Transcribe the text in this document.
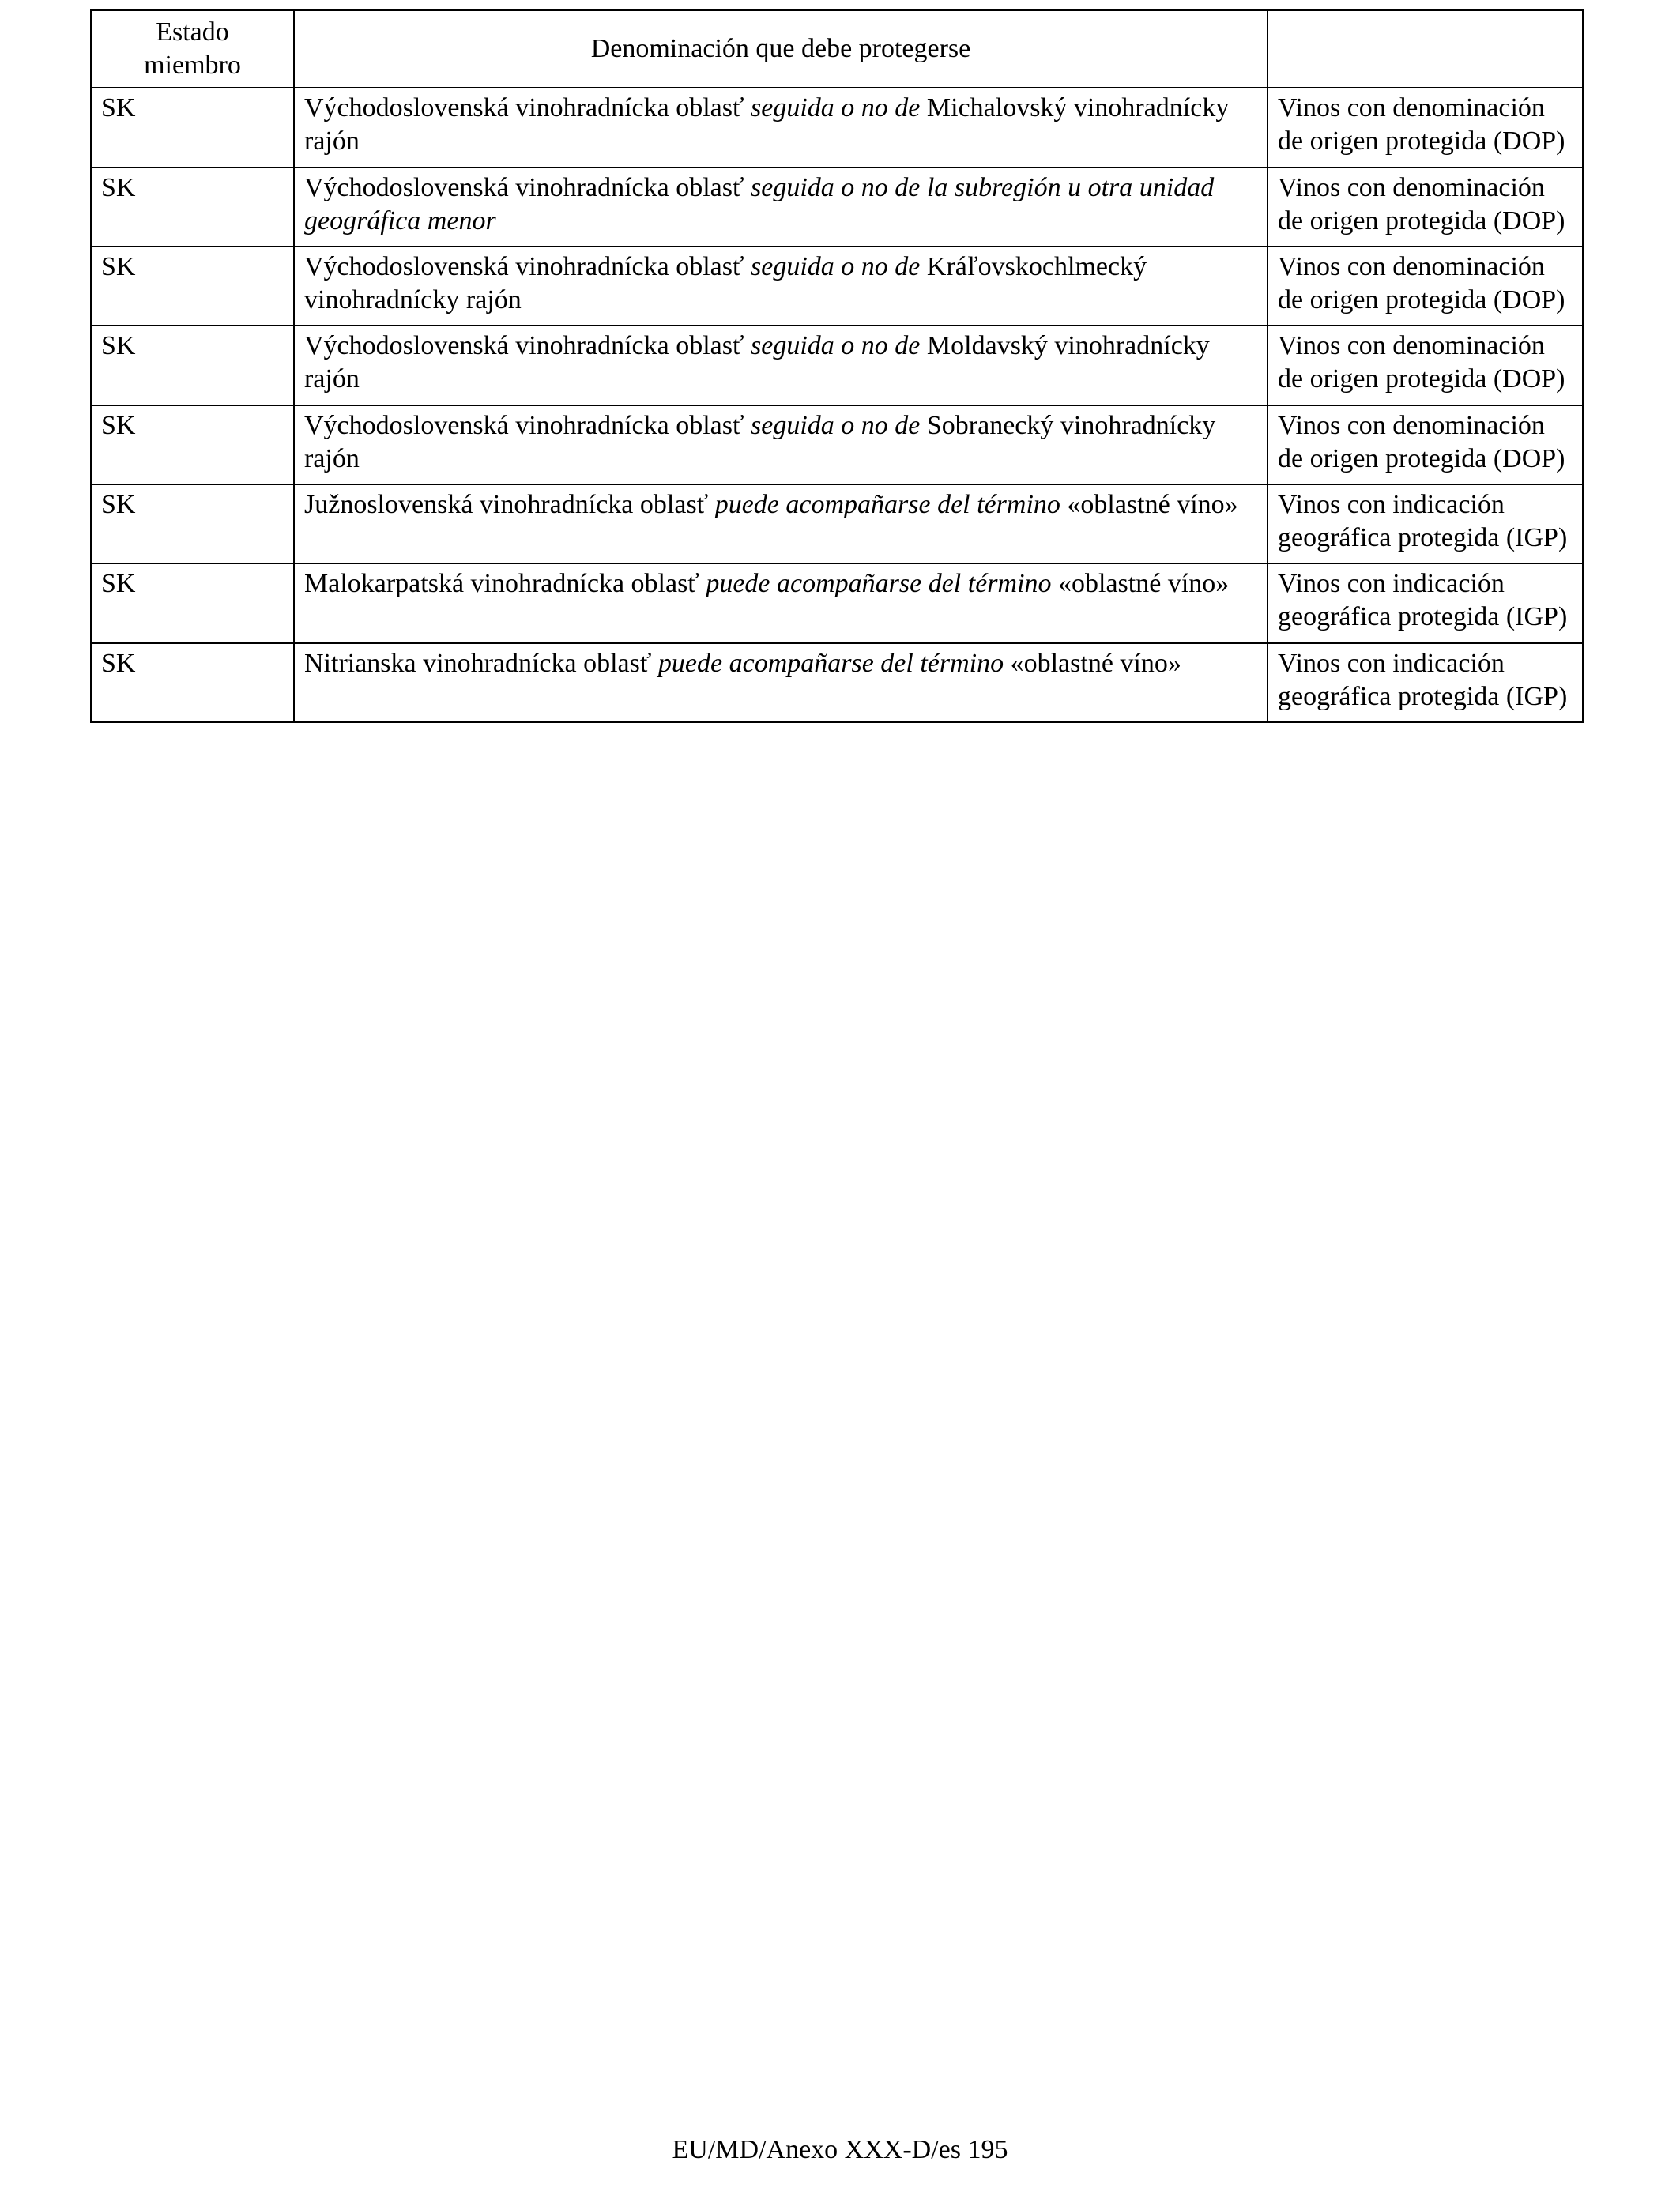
Estado miembro	Denominación que debe protegerse	
SK	Východoslovenská vinohradnícka oblasť seguida o no de Michalovský vinohradnícky rajón	Vinos con denominación de origen protegida (DOP)
SK	Východoslovenská vinohradnícka oblasť seguida o no de la subregión u otra unidad geográfica menor	Vinos con denominación de origen protegida (DOP)
SK	Východoslovenská vinohradnícka oblasť seguida o no de Kráľovskochlmecký vinohradnícky rajón	Vinos con denominación de origen protegida (DOP)
SK	Východoslovenská vinohradnícka oblasť seguida o no de Moldavský vinohradnícky rajón	Vinos con denominación de origen protegida (DOP)
SK	Východoslovenská vinohradnícka oblasť seguida o no de Sobranecký vinohradnícky rajón	Vinos con denominación de origen protegida (DOP)
SK	Južnoslovenská vinohradnícka oblasť puede acompañarse del término «oblastné víno»	Vinos con indicación geográfica protegida (IGP)
SK	Malokarpatská vinohradnícka oblasť puede acompañarse del término «oblastné víno»	Vinos con indicación geográfica protegida (IGP)
SK	Nitrianska vinohradnícka oblasť puede acompañarse del término «oblastné víno»	Vinos con indicación geográfica protegida (IGP)
EU/MD/Anexo XXX-D/es 195
